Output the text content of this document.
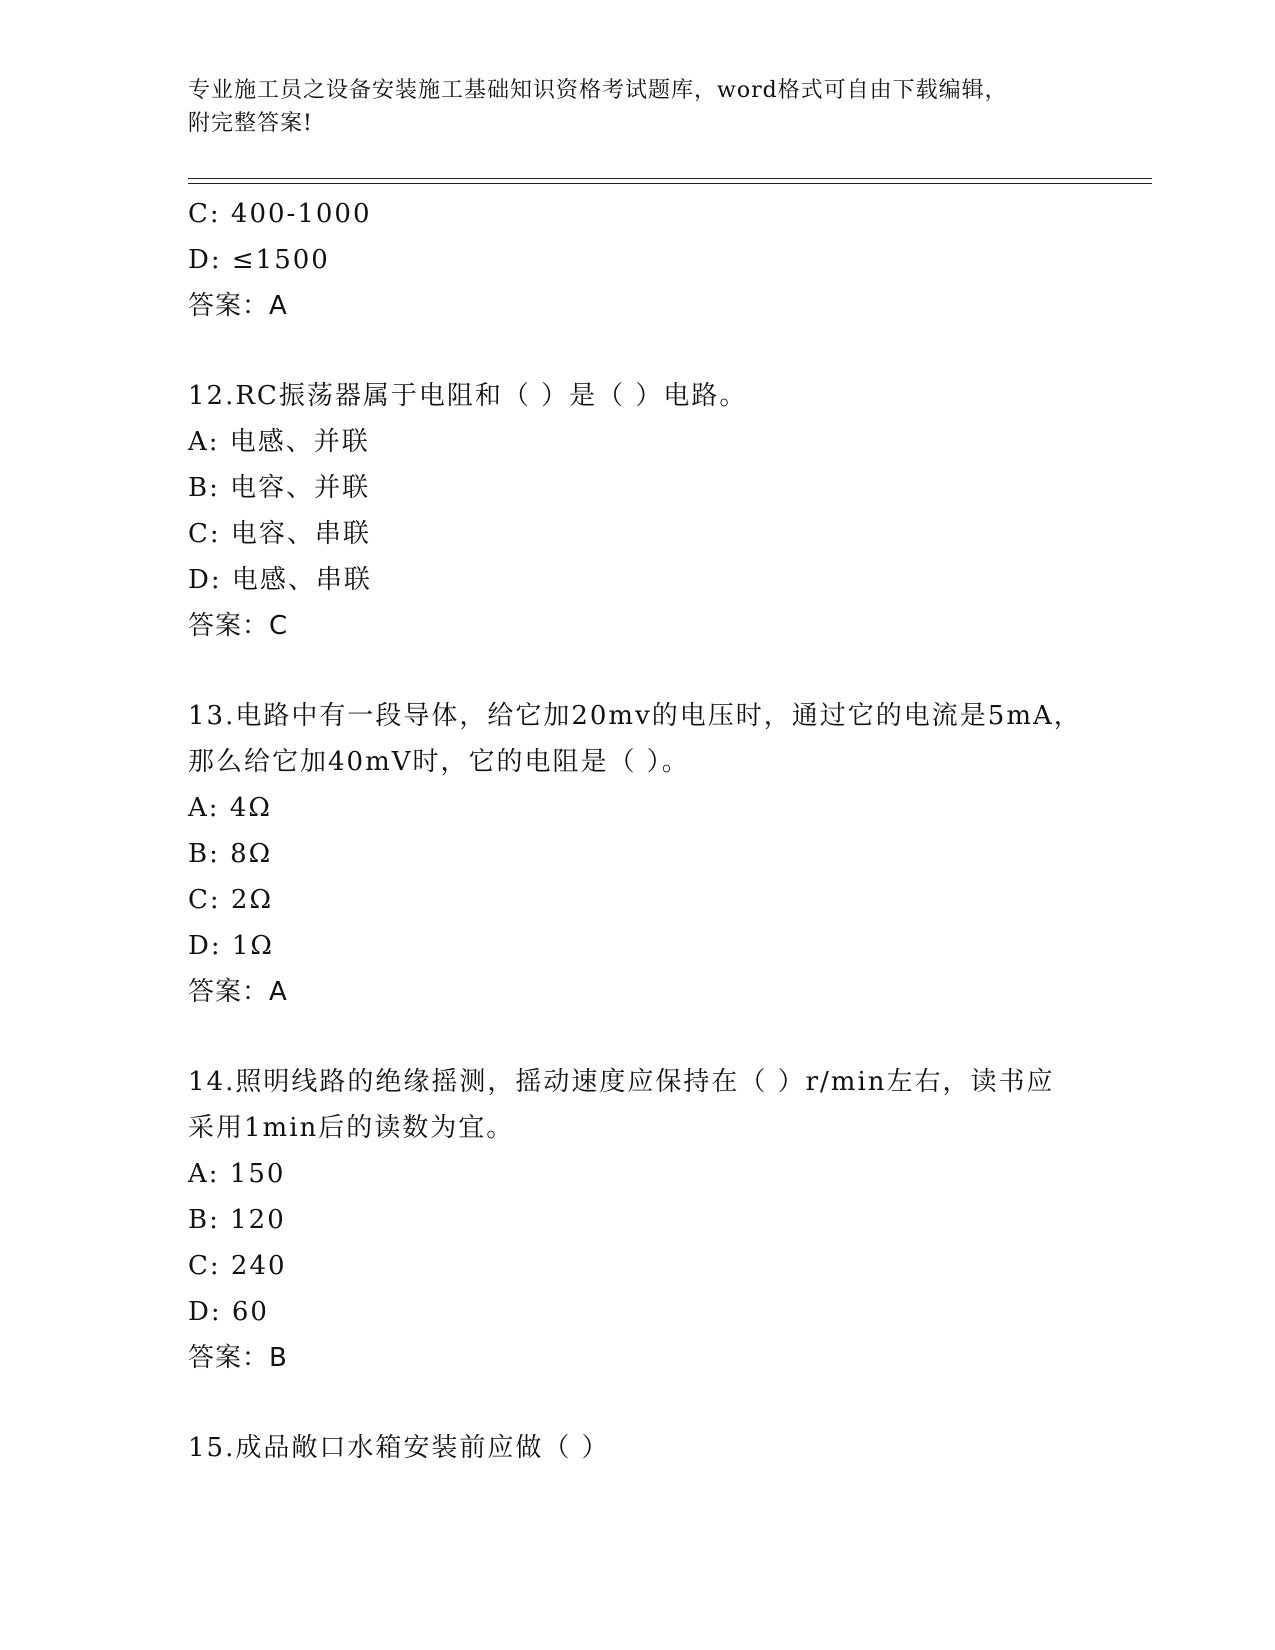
专业施工员之设备安装施工基础知识资格考试题库，word格式可自由下载编辑，
附完整答案!
C: 400-1000
D: ≤1500
答案：A
12.RC振荡器属于电阻和（ ）是（ ）电路。
A: 电感、并联
B: 电容、并联
C: 电容、串联
D: 电感、串联
答案：C
13.电路中有一段导体，给它加20mv的电压时，通过它的电流是5mA，
那么给它加40mV时，它的电阻是（ ）。
A: 4Ω
B: 8Ω
C: 2Ω
D: 1Ω
答案：A
14.照明线路的绝缘摇测，摇动速度应保持在（ ）r/min左右，读书应
采用1min后的读数为宜。
A: 150
B: 120
C: 240
D: 60
答案：B
15.成品敞口水箱安装前应做（ ）
